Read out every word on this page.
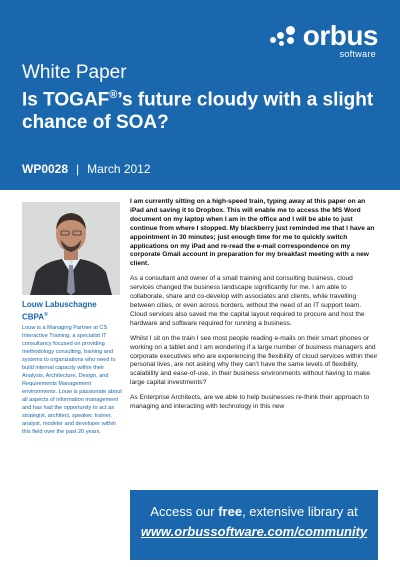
orbus
software
White Paper
Is TOGAF®’s future cloudy with a slight chance of SOA?
WP0028 | March 2012
Louw Labuschagne CBPA®
Louw is a Managing Partner at CS Interactive Training, a specialist IT consultancy focused on providing methodology consulting, training and systems to organizations who need to build internal capacity within their Analysis, Architecture, Design, and Requirements Management environments. Louw is passionate about all aspects of information management and has had the opportunity to act as strategist, architect, speaker, trainer, analyst, modeler and developer within this field over the past 20 years.

I am currently sitting on a high-speed train, typing away at this paper on an iPad and saving it to Dropbox. This will enable me to access the MS Word document on my laptop when I am in the office and I will be able to just continue from where I stopped. My blackberry just reminded me that I have an appointment in 30 minutes; just enough time for me to quickly switch applications on my iPad and re-read the e-mail correspondence on my corporate Gmail account in preparation for my breakfast meeting with a new client.

As a consultant and owner of a small training and consulting business, cloud services changed the business landscape significantly for me. I am able to collaborate, share and co-develop with associates and clients, while travelling between cities, or even across borders, without the need of an IT support team. Cloud services also saved me the capital layout required to procure and host the hardware and software required for running a business.

Whilst I sit on the train I see most people reading e-mails on their smart phones or working on a tablet and I am wondering if a large number of business managers and corporate executives who are experiencing the flexibility of cloud services within their personal lives, are not asking why they can’t have the same levels of flexibility, scalability and ease-of-use, in their business environments without having to make large capital investments?

As Enterprise Architects, are we able to help businesses re-think their approach to managing and interacting with technology in this new

Access our free, extensive library at
www.orbussoftware.com/community
